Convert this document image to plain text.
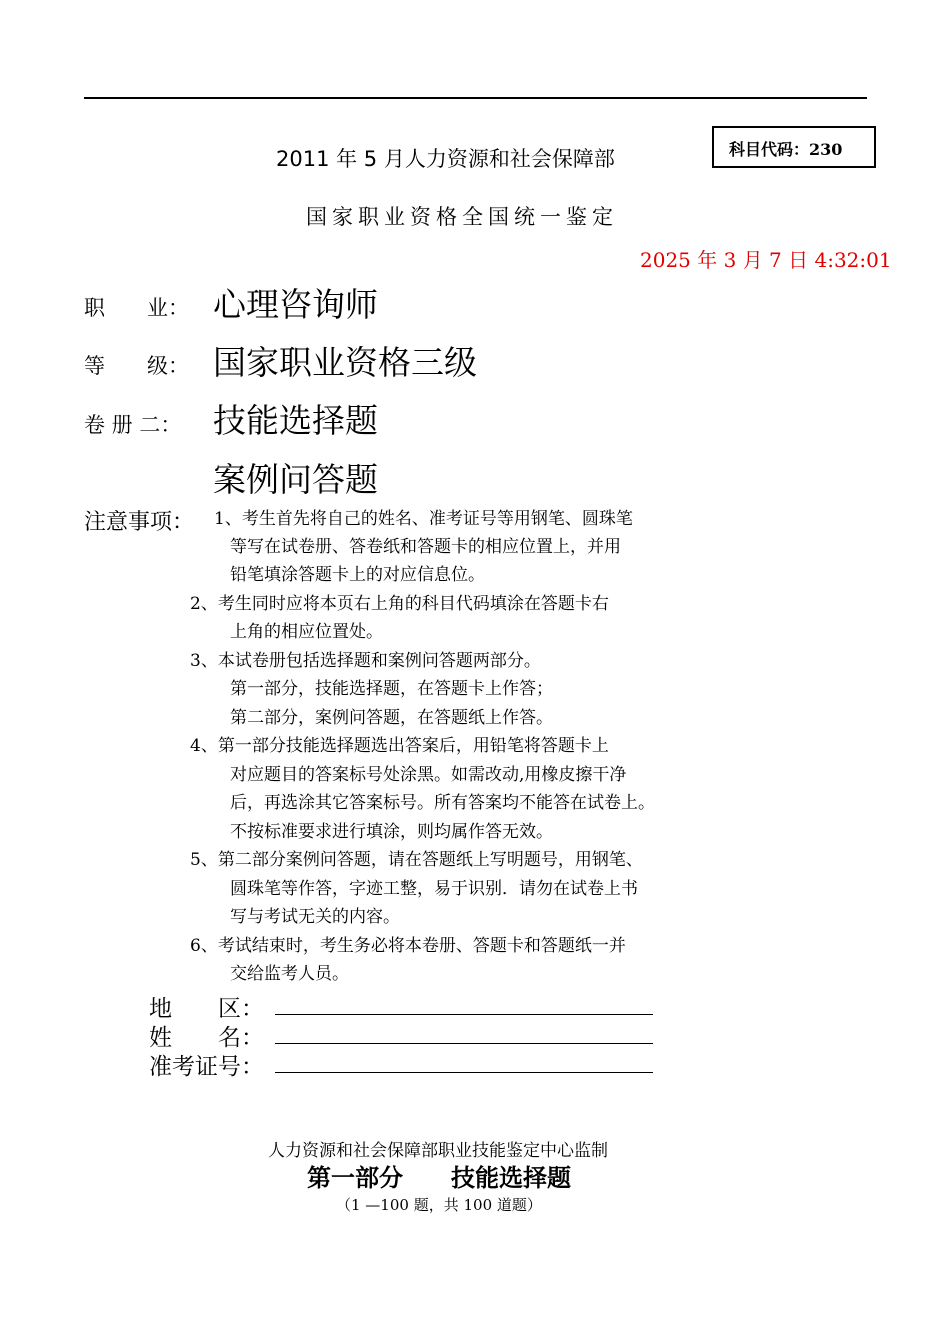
科目代码：230
2011 年 5 月人力资源和社会保障部
国家职业资格全国统一鉴定
2025 年 3 月 7 日 4:32:01
职　　业： 心理咨询师
等　　级： 国家职业资格三级
卷 册 二： 技能选择题
案例问答题
注意事项： 1、考生首先将自己的姓名、准考证号等用钢笔、圆珠笔
等写在试卷册、答卷纸和答题卡的相应位置上，并用
铅笔填涂答题卡上的对应信息位。
2、考生同时应将本页右上角的科目代码填涂在答题卡右
上角的相应位置处。
3、本试卷册包括选择题和案例问答题两部分。
第一部分，技能选择题，在答题卡上作答；
第二部分，案例问答题，在答题纸上作答。
4、第一部分技能选择题选出答案后，用铅笔将答题卡上
对应题目的答案标号处涂黑。如需改动,用橡皮擦干净
后，再选涂其它答案标号。所有答案均不能答在试卷上。
不按标准要求进行填涂，则均属作答无效。
5、第二部分案例问答题，请在答题纸上写明题号，用钢笔、
圆珠笔等作答，字迹工整，易于识别．请勿在试卷上书
写与考试无关的内容。
6、考试结束时，考生务必将本卷册、答题卡和答题纸一并
交给监考人员。
地　　区：
姓　　名：
准考证号：
人力资源和社会保障部职业技能鉴定中心监制
第一部分　　技能选择题
（1 —100 题，共 100 道题）
